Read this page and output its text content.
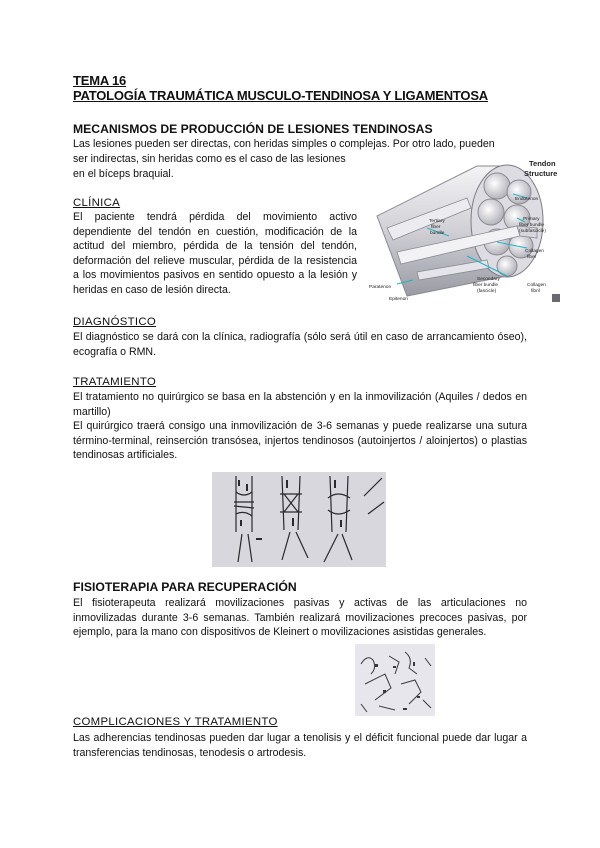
TEMA 16
PATOLOGÍA TRAUMÁTICA MUSCULO-TENDINOSA Y LIGAMENTOSA
MECANISMOS DE PRODUCCIÓN DE LESIONES TENDINOSAS

Las lesiones pueden ser directas, con heridas simples o complejas. Por otro lado, pueden

ser indirectas, sin heridas como es el caso de las lesiones

en el bíceps braquial.

CLÍNICA

El paciente tendrá pérdida del movimiento activo dependiente del tendón en cuestión, modificación de la actitud del miembro, pérdida de la tensión del tendón, deformación del relieve muscular, pérdida de la resistencia a los movimientos pasivos en sentido opuesto a la lesión y heridas en caso de lesión directa.

Tendon
Structure
Endotenon
Primary
fiber bundle
(subfascicle)
Collagen
fiber
Tertiary
fiber
bundle
Secondary
fiber bundle
(fascicle)
Collagen
fibril
Paratenon
Epitenon
DIAGNÓSTICO

El diagnóstico se dará con la clínica, radiografía (sólo será útil en caso de arrancamiento óseo), ecografía o RMN.

TRATAMIENTO

El tratamiento no quirúrgico se basa en la abstención y en la inmovilización (Aquiles / dedos en martillo)

El quirúrgico traerá consigo una inmovilización de 3-6 semanas y puede realizarse una sutura término-terminal, reinserción transósea, injertos tendinosos (autoinjertos / aloinjertos) o plastias tendinosas artificiales.

FISIOTERAPIA PARA RECUPERACIÓN

El fisioterapeuta realizará movilizaciones pasivas y activas de las articulaciones no inmovilizadas durante 3-6 semanas. También realizará movilizaciones precoces pasivas, por ejemplo, para la mano con dispositivos de Kleinert o movilizaciones asistidas generales.

COMPLICACIONES Y TRATAMIENTO

Las adherencias tendinosas pueden dar lugar a tenolisis y el déficit funcional puede dar lugar a transferencias tendinosas, tenodesis o artrodesis.
